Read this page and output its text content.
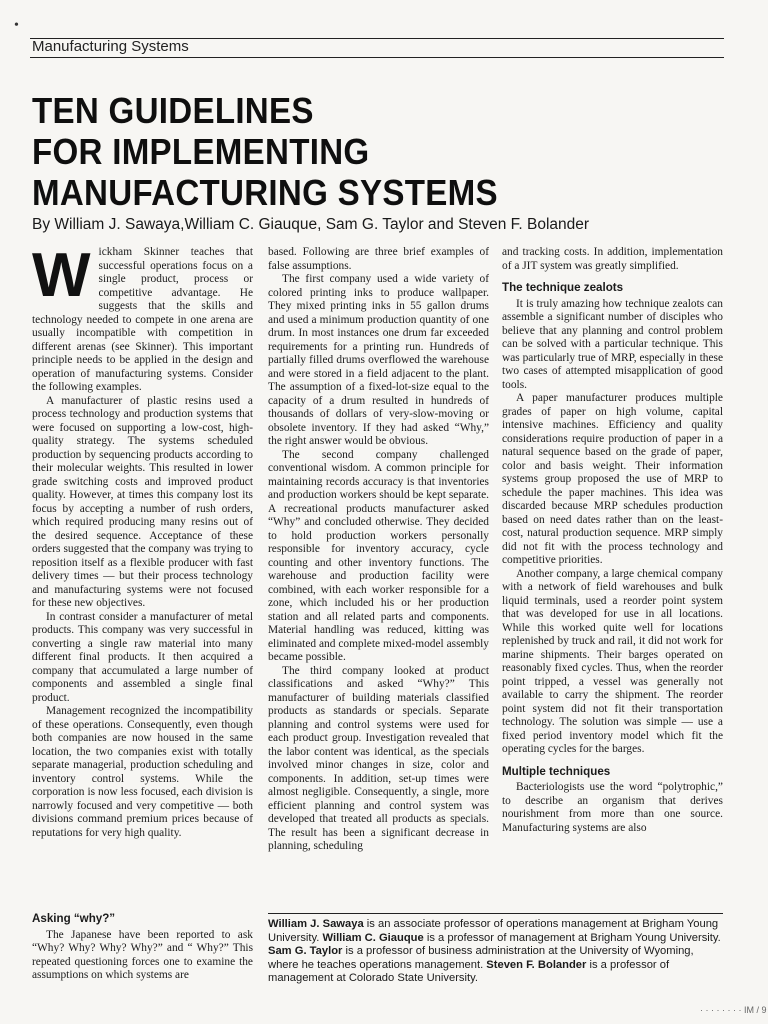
•
Manufacturing Systems
TEN GUIDELINES
FOR IMPLEMENTING
MANUFACTURING SYSTEMS
By William J. Sawaya,William C. Giauque, Sam G. Taylor and Steven F. Bolander

Wickham Skinner teaches that successful operations focus on a single product, process or competitive advantage. He suggests that the skills and technology needed to compete in one arena are usually incompatible with competition in different arenas (see Skinner). This important principle needs to be applied in the design and operation of manufacturing systems. Consider the following examples.

A manufacturer of plastic resins used a process technology and production systems that were focused on supporting a low-cost, high-quality strategy. The systems scheduled production by sequencing products according to their molecular weights. This resulted in lower grade switching costs and improved product quality. However, at times this company lost its focus by accepting a number of rush orders, which required producing many resins out of the desired sequence. Acceptance of these orders suggested that the company was trying to reposition itself as a flexible producer with fast delivery times — but their process technology and manufacturing systems were not focused for these new objectives.

In contrast consider a manufacturer of metal products. This company was very successful in converting a single raw material into many different final products. It then acquired a company that accumulated a large number of components and assembled a single final product.

Management recognized the incompatibility of these operations. Consequently, even though both companies are now housed in the same location, the two companies exist with totally separate managerial, production scheduling and inventory control systems. While the corporation is now less focused, each division is narrowly focused and very competitive — both divisions command premium prices because of reputations for very high quality.

Asking “why?”

The Japanese have been reported to ask “Why? Why? Why? Why?” and “ Why?” This repeated questioning forces one to examine the assumptions on which systems are

based. Following are three brief examples of false assumptions.

The first company used a wide variety of colored printing inks to produce wallpaper. They mixed printing inks in 55 gallon drums and used a minimum production quantity of one drum. In most instances one drum far exceeded requirements for a printing run. Hundreds of partially filled drums overflowed the warehouse and were stored in a field adjacent to the plant. The assumption of a fixed-lot-size equal to the capacity of a drum resulted in hundreds of thousands of dollars of very-slow-moving or obsolete inventory. If they had asked “Why,” the right answer would be obvious.

The second company challenged conventional wisdom. A common principle for maintaining records accuracy is that inventories and production workers should be kept separate. A recreational products manufacturer asked “Why” and concluded otherwise. They decided to hold production workers personally responsible for inventory accuracy, cycle counting and other inventory functions. The warehouse and production facility were combined, with each worker responsible for a zone, which included his or her production station and all related parts and components. Material handling was reduced, kitting was eliminated and complete mixed-model assembly became possible.

The third company looked at product classifications and asked “Why?” This manufacturer of building materials classified products as standards or specials. Separate planning and control systems were used for each product group. Investigation revealed that the labor content was identical, as the specials involved minor changes in size, color and components. In addition, set-up times were almost negligible. Consequently, a single, more efficient planning and control system was developed that treated all products as specials. The result has been a significant decrease in planning, scheduling

and tracking costs. In addition, implementation of a JIT system was greatly simplified.

The technique zealots

It is truly amazing how technique zealots can assemble a significant number of disciples who believe that any planning and control problem can be solved with a particular technique. This was particularly true of MRP, especially in these two cases of attempted misapplication of good tools.

A paper manufacturer produces multiple grades of paper on high volume, capital intensive machines. Efficiency and quality considerations require production of paper in a natural sequence based on the grade of paper, color and basis weight. Their information systems group proposed the use of MRP to schedule the paper machines. This idea was discarded because MRP schedules production based on need dates rather than on the least-cost, natural production sequence. MRP simply did not fit with the process technology and competitive priorities.

Another company, a large chemical company with a network of field warehouses and bulk liquid terminals, used a reorder point system that was developed for use in all locations. While this worked quite well for locations replenished by truck and rail, it did not work for marine shipments. Their barges operated on reasonably fixed cycles. Thus, when the reorder point tripped, a vessel was generally not available to carry the shipment. The reorder point system did not fit their transportation technology. The solution was simple — use a fixed period inventory model which fit the operating cycles for the barges.

Multiple techniques

Bacteriologists use the word “polytrophic,” to describe an organism that derives nourishment from more than one source. Manufacturing systems are also

William J. Sawaya is an associate professor of operations management at Brigham Young University. William C. Giauque is a professor of management at Brigham Young University. Sam G. Taylor is a professor of business administration at the University of Wyoming, where he teaches operations management. Steven F. Bolander is a professor of management at Colorado State University.
· · · · · · · · IM / 9
